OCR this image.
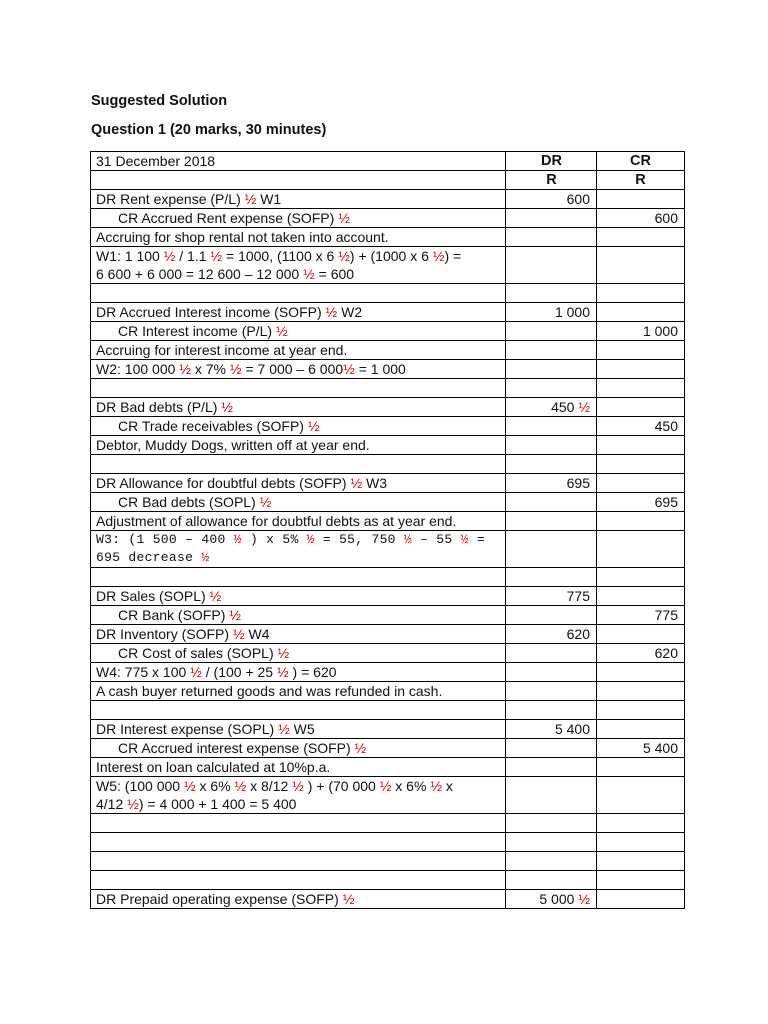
Suggested Solution
Question 1 (20 marks, 30 minutes)
31 December 2018	DR	CR
	R	R
DR Rent expense (P/L) ½ W1	600	
CR Accrued Rent expense (SOFP) ½		600
Accruing for shop rental not taken into account.		
W1: 1 100 ½ / 1.1 ½ = 1000, (1100 x 6 ½) + (1000 x 6 ½) =
6 600 + 6 000 = 12 600 – 12 000 ½ = 600		

DR Accrued Interest income (SOFP) ½ W2	1 000	
CR Interest income (P/L) ½		1 000
Accruing for interest income at year end.		
W2: 100 000 ½ x 7% ½ = 7 000 – 6 000½ = 1 000		

DR Bad debts (P/L) ½	450 ½	
CR Trade receivables (SOFP) ½		450
Debtor, Muddy Dogs, written off at year end.		

DR Allowance for doubtful debts (SOFP) ½ W3	695	
CR Bad debts (SOPL) ½		695
Adjustment of allowance for doubtful debts as at year end.		
W3: (1 500 – 400 ½ ) x 5% ½ = 55, 750 ½ – 55 ½ =
695 decrease ½		

DR Sales (SOPL) ½	775	
CR Bank (SOFP) ½		775
DR Inventory (SOFP) ½ W4	620	
CR Cost of sales (SOPL) ½		620
W4: 775 x 100 ½ / (100 + 25 ½ ) = 620		
A cash buyer returned goods and was refunded in cash.		

DR Interest expense (SOPL) ½ W5	5 400	
CR Accrued interest expense (SOFP) ½		5 400
Interest on loan calculated at 10%p.a.		
W5: (100 000 ½ x 6% ½ x 8/12 ½ ) + (70 000 ½ x 6% ½ x
4/12 ½) = 4 000 + 1 400 = 5 400		

DR Prepaid operating expense (SOFP) ½	5 000 ½	
